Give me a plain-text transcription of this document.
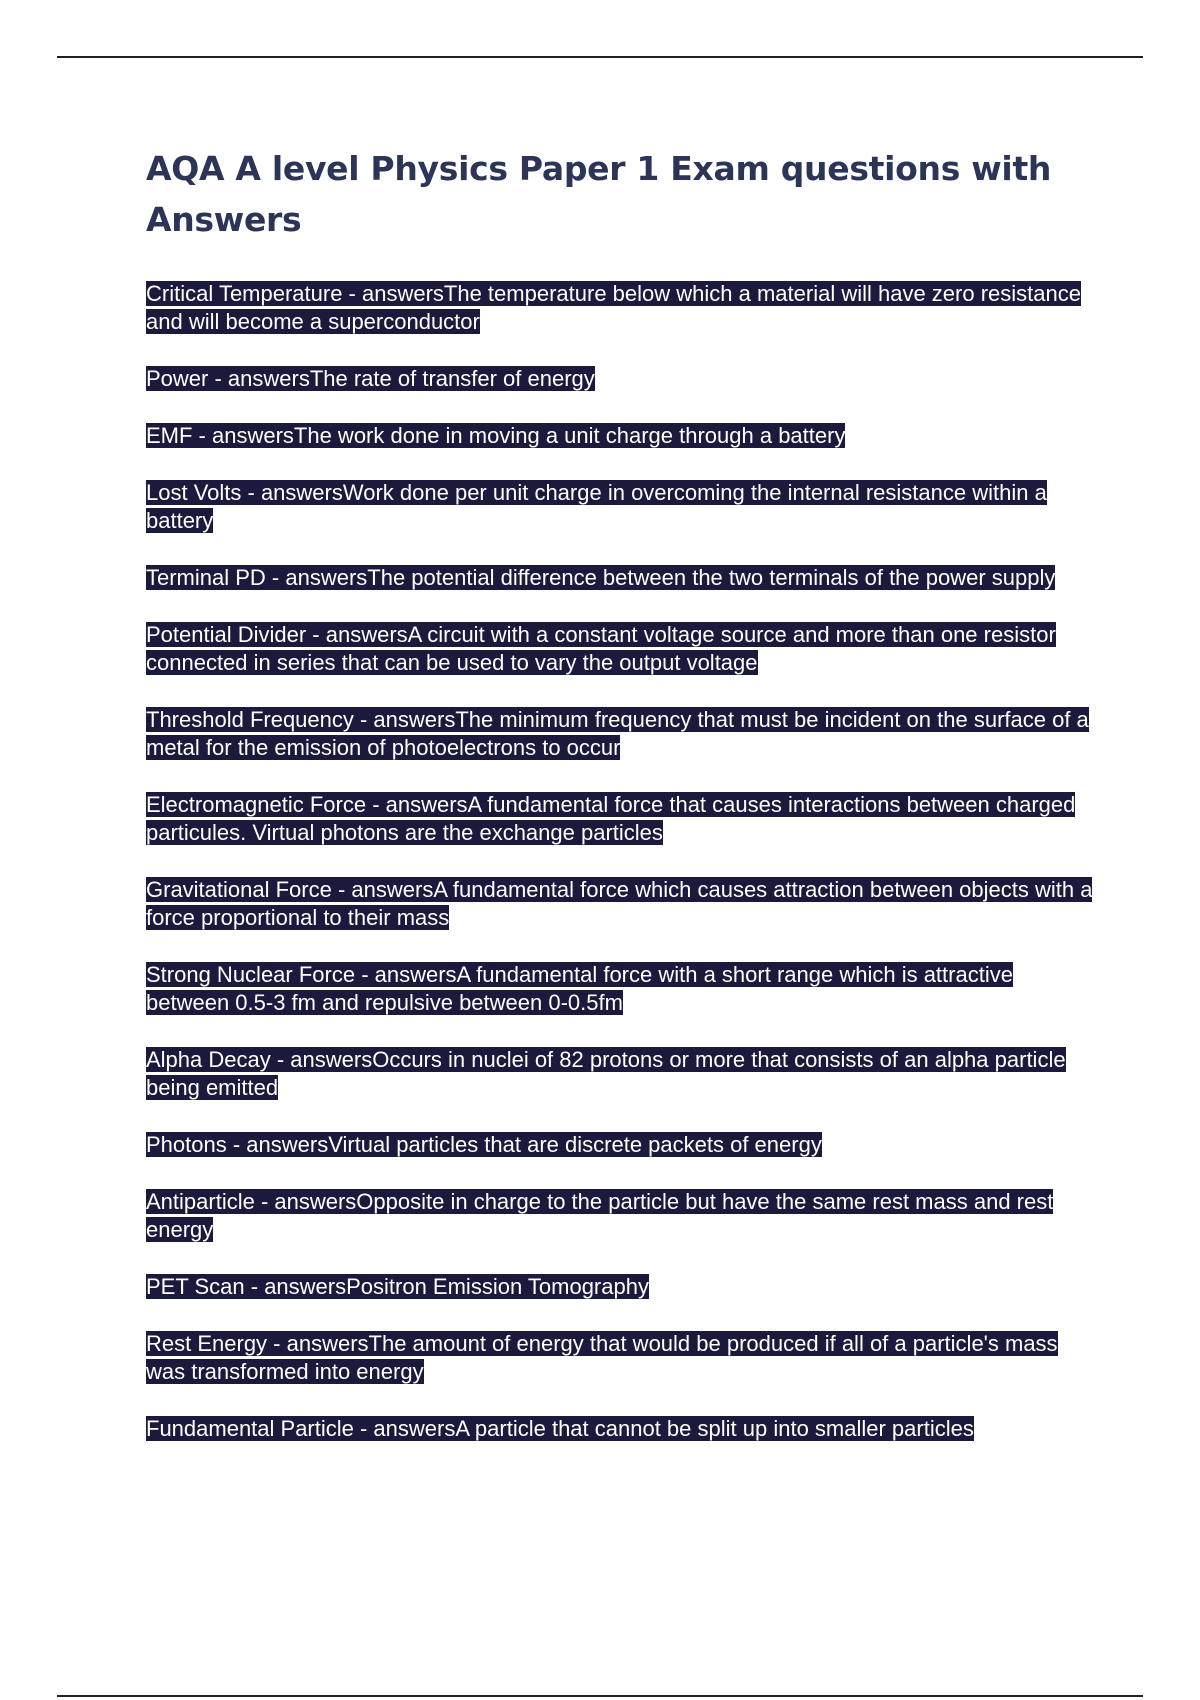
AQA A level Physics Paper 1 Exam questions with Answers
Critical Temperature - answersThe temperature below which a material will have zero resistance and will become a superconductor
Power - answersThe rate of transfer of energy
EMF - answersThe work done in moving a unit charge through a battery
Lost Volts - answersWork done per unit charge in overcoming the internal resistance within a battery
Terminal PD - answersThe potential difference between the two terminals of the power supply
Potential Divider - answersA circuit with a constant voltage source and more than one resistor connected in series that can be used to vary the output voltage
Threshold Frequency - answersThe minimum frequency that must be incident on the surface of a metal for the emission of photoelectrons to occur
Electromagnetic Force - answersA fundamental force that causes interactions between charged particules. Virtual photons are the exchange particles
Gravitational Force - answersA fundamental force which causes attraction between objects with a force proportional to their mass
Strong Nuclear Force - answersA fundamental force with a short range which is attractive between 0.5-3 fm and repulsive between 0-0.5fm
Alpha Decay - answersOccurs in nuclei of 82 protons or more that consists of an alpha particle being emitted
Photons - answersVirtual particles that are discrete packets of energy
Antiparticle - answersOpposite in charge to the particle but have the same rest mass and rest energy
PET Scan - answersPositron Emission Tomography
Rest Energy - answersThe amount of energy that would be produced if all of a particle's mass was transformed into energy
Fundamental Particle - answersA particle that cannot be split up into smaller particles
